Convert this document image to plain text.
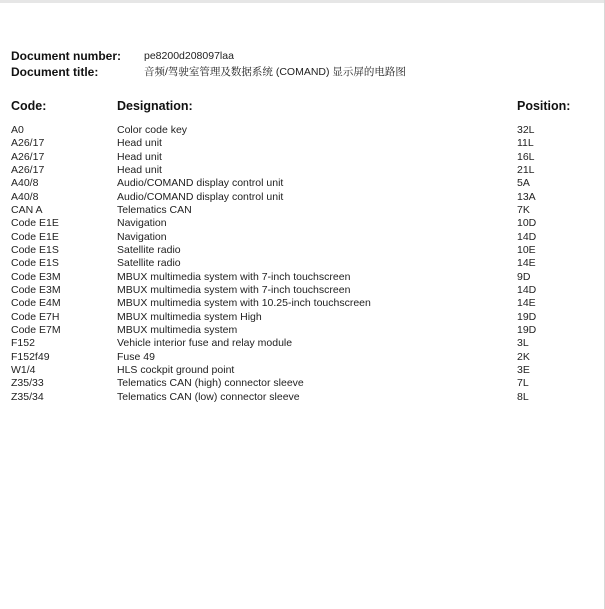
Document number: pe8200d208097laa
Document title:	音频/驾驶室管理及数据系统 (COMAND) 显示屏的电路图
Code:	Designation:	Position:
A0	Color code key	32L
A26/17	Head unit	11L
A26/17	Head unit	16L
A26/17	Head unit	21L
A40/8	Audio/COMAND display control unit	5A
A40/8	Audio/COMAND display control unit	13A
CAN A	Telematics CAN	7K
Code E1E	Navigation	10D
Code E1E	Navigation	14D
Code E1S	Satellite radio	10E
Code E1S	Satellite radio	14E
Code E3M	MBUX multimedia system with 7-inch touchscreen	9D
Code E3M	MBUX multimedia system with 7-inch touchscreen	14D
Code E4M	MBUX multimedia system with 10.25-inch touchscreen	14E
Code E7H	MBUX multimedia system High	19D
Code E7M	MBUX multimedia system	19D
F152	Vehicle interior fuse and relay module	3L
F152f49	Fuse 49	2K
W1/4	HLS cockpit ground point	3E
Z35/33	Telematics CAN (high) connector sleeve	7L
Z35/34	Telematics CAN (low) connector sleeve	8L
